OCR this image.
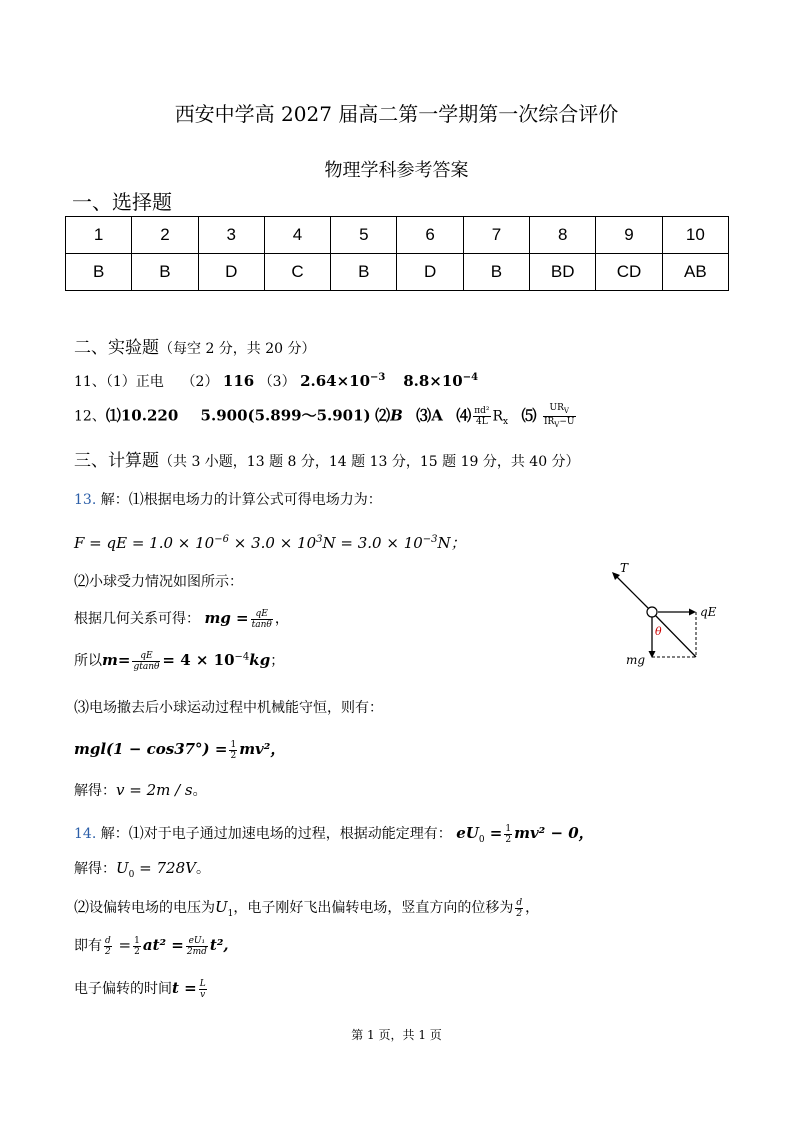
西安中学高 2027 届高二第一学期第一次综合评价
物理学科参考答案
一、选择题
1	2	3	4	5	6	7	8	9	10
B	B	D	C	B	D	B	BD	CD	AB
二、实验题（每空 2 分，共 20 分）
11、（1）正电 （2） 116 （3） $2.64\times 10^{-3}$ $8.8\times 10^{-4}$
12、⑴10.220 5.900(5.899～5.901) ⑵B ⑶A ⑷ $\frac{\text{πd²}}{4L} R_x$ ⑸ $\frac{UR_V}{IR_V-U}$
三、计算题（共 3 小题，13 题 8 分，14 题 13 分，15 题 19 分，共 40 分）
13. 解：⑴根据电场力的计算公式可得电场力为：
F = qE = $1.0 \times 10^{-6} \times 3.0 \times 10^3N = 3.0 \times 10^{-3}N$；
⑵小球受力情况如图所示：
根据几何关系可得： mg = $\frac{qE}{\tan\theta}$ ，
所以$m= \frac{qE}{gtan\theta} = 4 \times 10^{-4}kg$；
⑶电场撤去后小球运动过程中机械能守恒，则有：
$mgl(1 - \cos 37^\circ) = \frac{1}{2} mv^2$，
解得：v = 2m / s。
T
qE
θ
mg
14. 解：⑴对于电子通过加速电场的过程，根据动能定理有： $eU_0 = \frac{1}{2} mv^2 - 0$，
解得：$U_0 = 728V$。
⑵设偏转电场的电压为$U_1$，电子刚好飞出偏转电场，竖直方向的位移为 $\frac{d}{2}$ ，
即有 $\frac{d}{2} = \frac{1}{2} at^2 = \frac{\text{eU₁}}{2md} t^2$,
电子偏转的时间$t = \frac{L}{v}$
第 1 页，共 1 页
